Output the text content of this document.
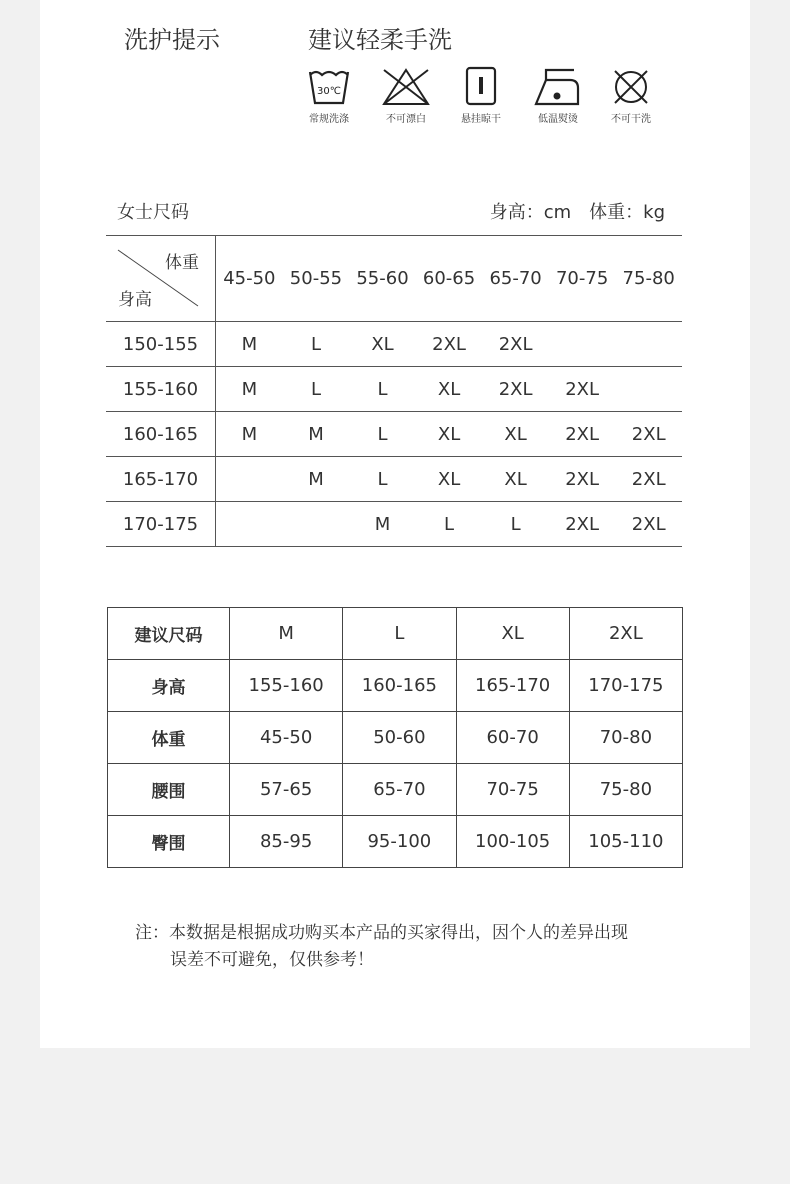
洗护提示	建议轻柔手洗
30℃
常规洗涤	不可漂白	悬挂晾干	低温熨烫	不可干洗
女士尺码	身高：cm　体重：kg
体重
身高	45-50	50-55	55-60	60-65	65-70	70-75	75-80
150-155	M	L	XL	2XL	2XL		
155-160	M	L	L	XL	2XL	2XL	
160-165	M	M	L	XL	XL	2XL	2XL
165-170		M	L	XL	XL	2XL	2XL
170-175			M	L	L	2XL	2XL
建议尺码	M	L	XL	2XL
身高	155-160	160-165	165-170	170-175
体重	45-50	50-60	60-70	70-80
腰围	57-65	65-70	70-75	75-80
臀围	85-95	95-100	100-105	105-110
注：本数据是根据成功购买本产品的买家得出，因个人的差异出现
误差不可避免，仅供参考！
